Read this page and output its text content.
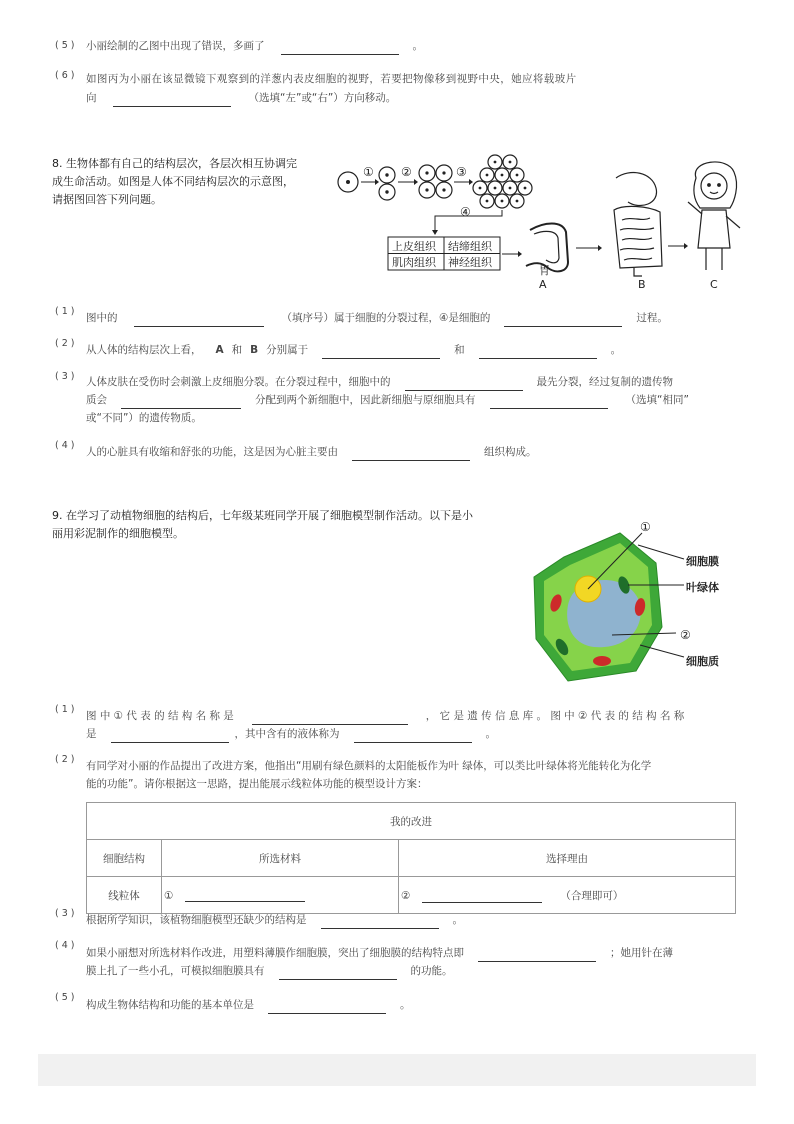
( 5 ) 小丽绘制的乙图中出现了错误，多画了	。
( 6 ) 如图丙为小丽在该显微镜下观察到的洋葱内表皮细胞的视野，若要把物像移到视野中央，她应将载玻片
向	（选填“左”或“右”）方向移动。
8. 生物体都有自己的结构层次，各层次相互协调完
成生命活动。如图是人体不同结构层次的示意图，
请据图回答下列问题。
① ②	③
④
上皮组织 结缔组织
肌肉组织 神经组织
胃
A	B	C
( 1 )
图中的	（填序号）属于细胞的分裂过程，④是细胞的	过程。
( 2 )
从人体的结构层次上看， A 和 B 分别属于	和	。
( 3 ) 人体皮肤在受伤时会刺激上皮细胞分裂。在分裂过程中，细胞中的	最先分裂，经过复制的遗传物
质会	分配到两个新细胞中，因此新细胞与原细胞具有	（选填“相同”
或“不同”）的遗传物质。
( 4 )
人的心脏具有收缩和舒张的功能，这是因为心脏主要由	组织构成。
9. 在学习了动植物细胞的结构后，七年级某班同学开展了细胞模型制作活动。以下是小
丽用彩泥制作的细胞模型。	①
细胞膜
叶绿体
②
细胞质
( 1 )
图 中 ① 代 表 的 结 构 名 称 是	， 它 是 遗 传 信 息 库 。 图 中 ② 代 表 的 结 构 名 称
是	，其中含有的液体称为	。
( 2 )
有同学对小丽的作品提出了改进方案，他指出“用刷有绿色颜料的太阳能板作为叶 绿体，可以类比叶绿体将光能转化为化学
能的功能”。请你根据这一思路，提出能展示线粒体功能的模型设计方案：
我的改进		
细胞结构	所选材料	选择理由
线粒体	①	② （合理即可）
( 3 )
根据所学知识，该植物细胞模型还缺少的结构是	。
( 4 )
如果小丽想对所选材料作改进，用塑料薄膜作细胞膜，突出了细胞膜的结构特点即	；她用针在薄
膜上扎了一些小孔，可模拟细胞膜具有	的功能。
( 5 )
构成生物体结构和功能的基本单位是	。
